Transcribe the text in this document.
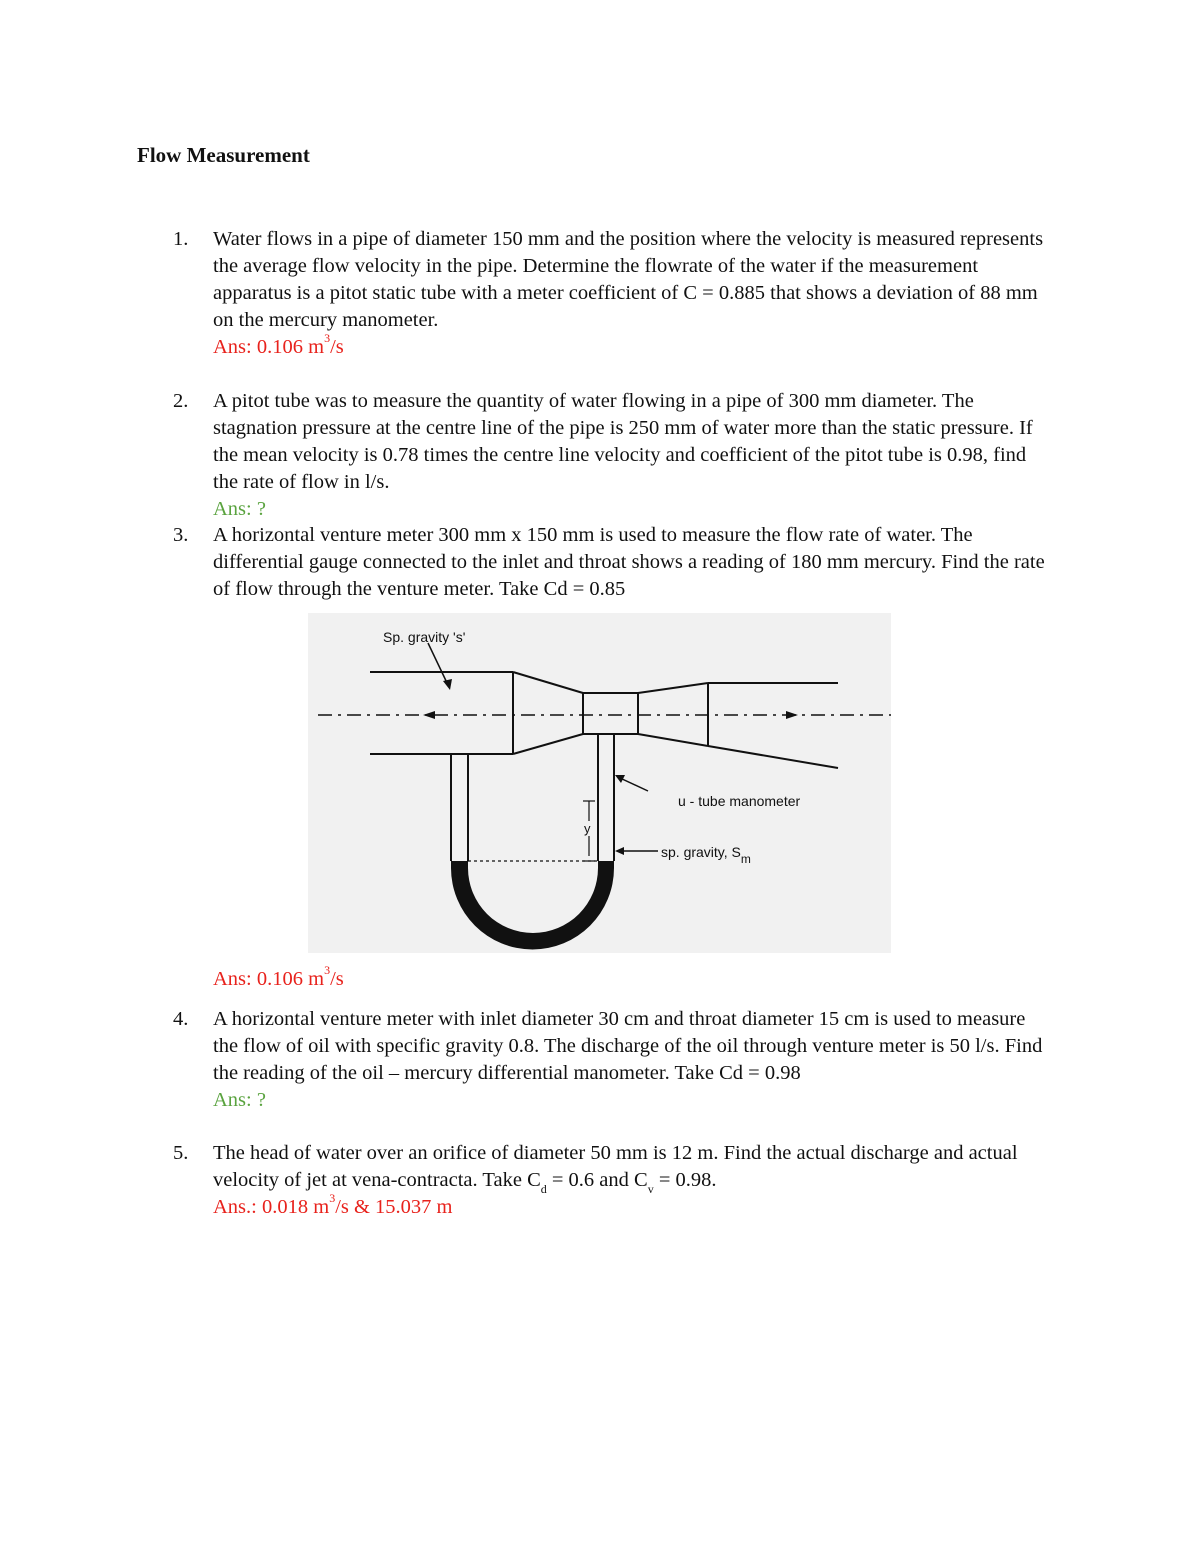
Flow Measurement
1.	Water flows in a pipe of diameter 150 mm and the position where the velocity is measured represents the average flow velocity in the pipe. Determine the flowrate of the water if the measurement apparatus is a pitot static tube with a meter coefficient of C = 0.885 that shows a deviation of 88 mm on the mercury manometer.
Ans: 0.106 $m^3/s$
2.	A pitot tube was to measure the quantity of water flowing in a pipe of 300 mm diameter. The stagnation pressure at the centre line of the pipe is 250 mm of water more than the static pressure. If the mean velocity is 0.78 times the centre line velocity and coefficient of the pitot tube is 0.98, find the rate of flow in l/s.
Ans: ?
3.	A horizontal venture meter 300 mm x 150 mm is used to measure the flow rate of water. The differential gauge connected to the inlet and throat shows a reading of 180 mm mercury. Find the rate of flow through the venture meter. Take Cd = 0.85
Sp. gravity 's'
u - tube manometer
y
sp. gravity, $S_m$
Ans: 0.106 $m^3/s$
4.	A horizontal venture meter with inlet diameter 30 cm and throat diameter 15 cm is used to measure the flow of oil with specific gravity 0.8. The discharge of the oil through venture meter is 50 l/s. Find the reading of the oil – mercury differential manometer. Take Cd = 0.98
Ans: ?
5.	The head of water over an orifice of diameter 50 mm is 12 m. Find the actual discharge and actual velocity of jet at vena-contracta. Take $C_d = 0.6$ and $C_v = 0.98$.
Ans.: 0.018 $m^3/s$ & 15.037 m
